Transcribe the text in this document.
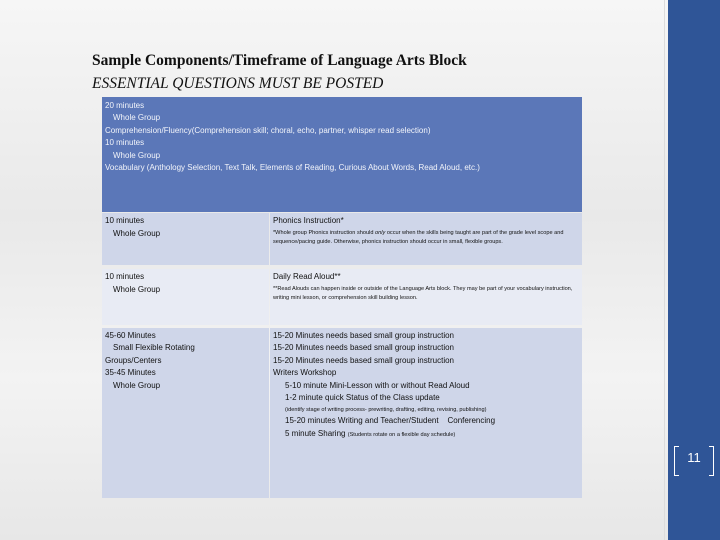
Sample Components/Timeframe of Language Arts Block
ESSENTIAL QUESTIONS MUST BE POSTED
20 minutes
Whole Group
Comprehension/Fluency(Comprehension skill; choral, echo, partner, whisper read selection)
10 minutes
Whole Group
Vocabulary (Anthology Selection, Text Talk, Elements of Reading, Curious About Words, Read Aloud, etc.)
10 minutes
Whole Group
Phonics Instruction*
*Whole group Phonics instruction should only occur when the skills being taught are part of the grade level scope and sequence/pacing guide. Otherwise, phonics instruction should occur in small, flexible groups.
10 minutes
Whole Group
Daily Read Aloud**
**Read Alouds can happen inside or outside of the Language Arts block. They may be part of your vocabulary instruction, writing mini lesson, or comprehension skill building lesson.
45-60 Minutes
Small Flexible Rotating
Groups/Centers
35-45 Minutes
Whole Group
15-20 Minutes needs based small group instruction
15-20 Minutes needs based small group instruction
15-20 Minutes needs based small group instruction
Writers Workshop
5-10 minute Mini-Lesson with or without Read Aloud
1-2 minute quick Status of the Class update
(identify stage of writing process- prewriting, drafting, editing, revising, publishing)
15-20 minutes Writing and Teacher/Student Conferencing
5 minute Sharing (Students rotate on a flexible day schedule)
11
